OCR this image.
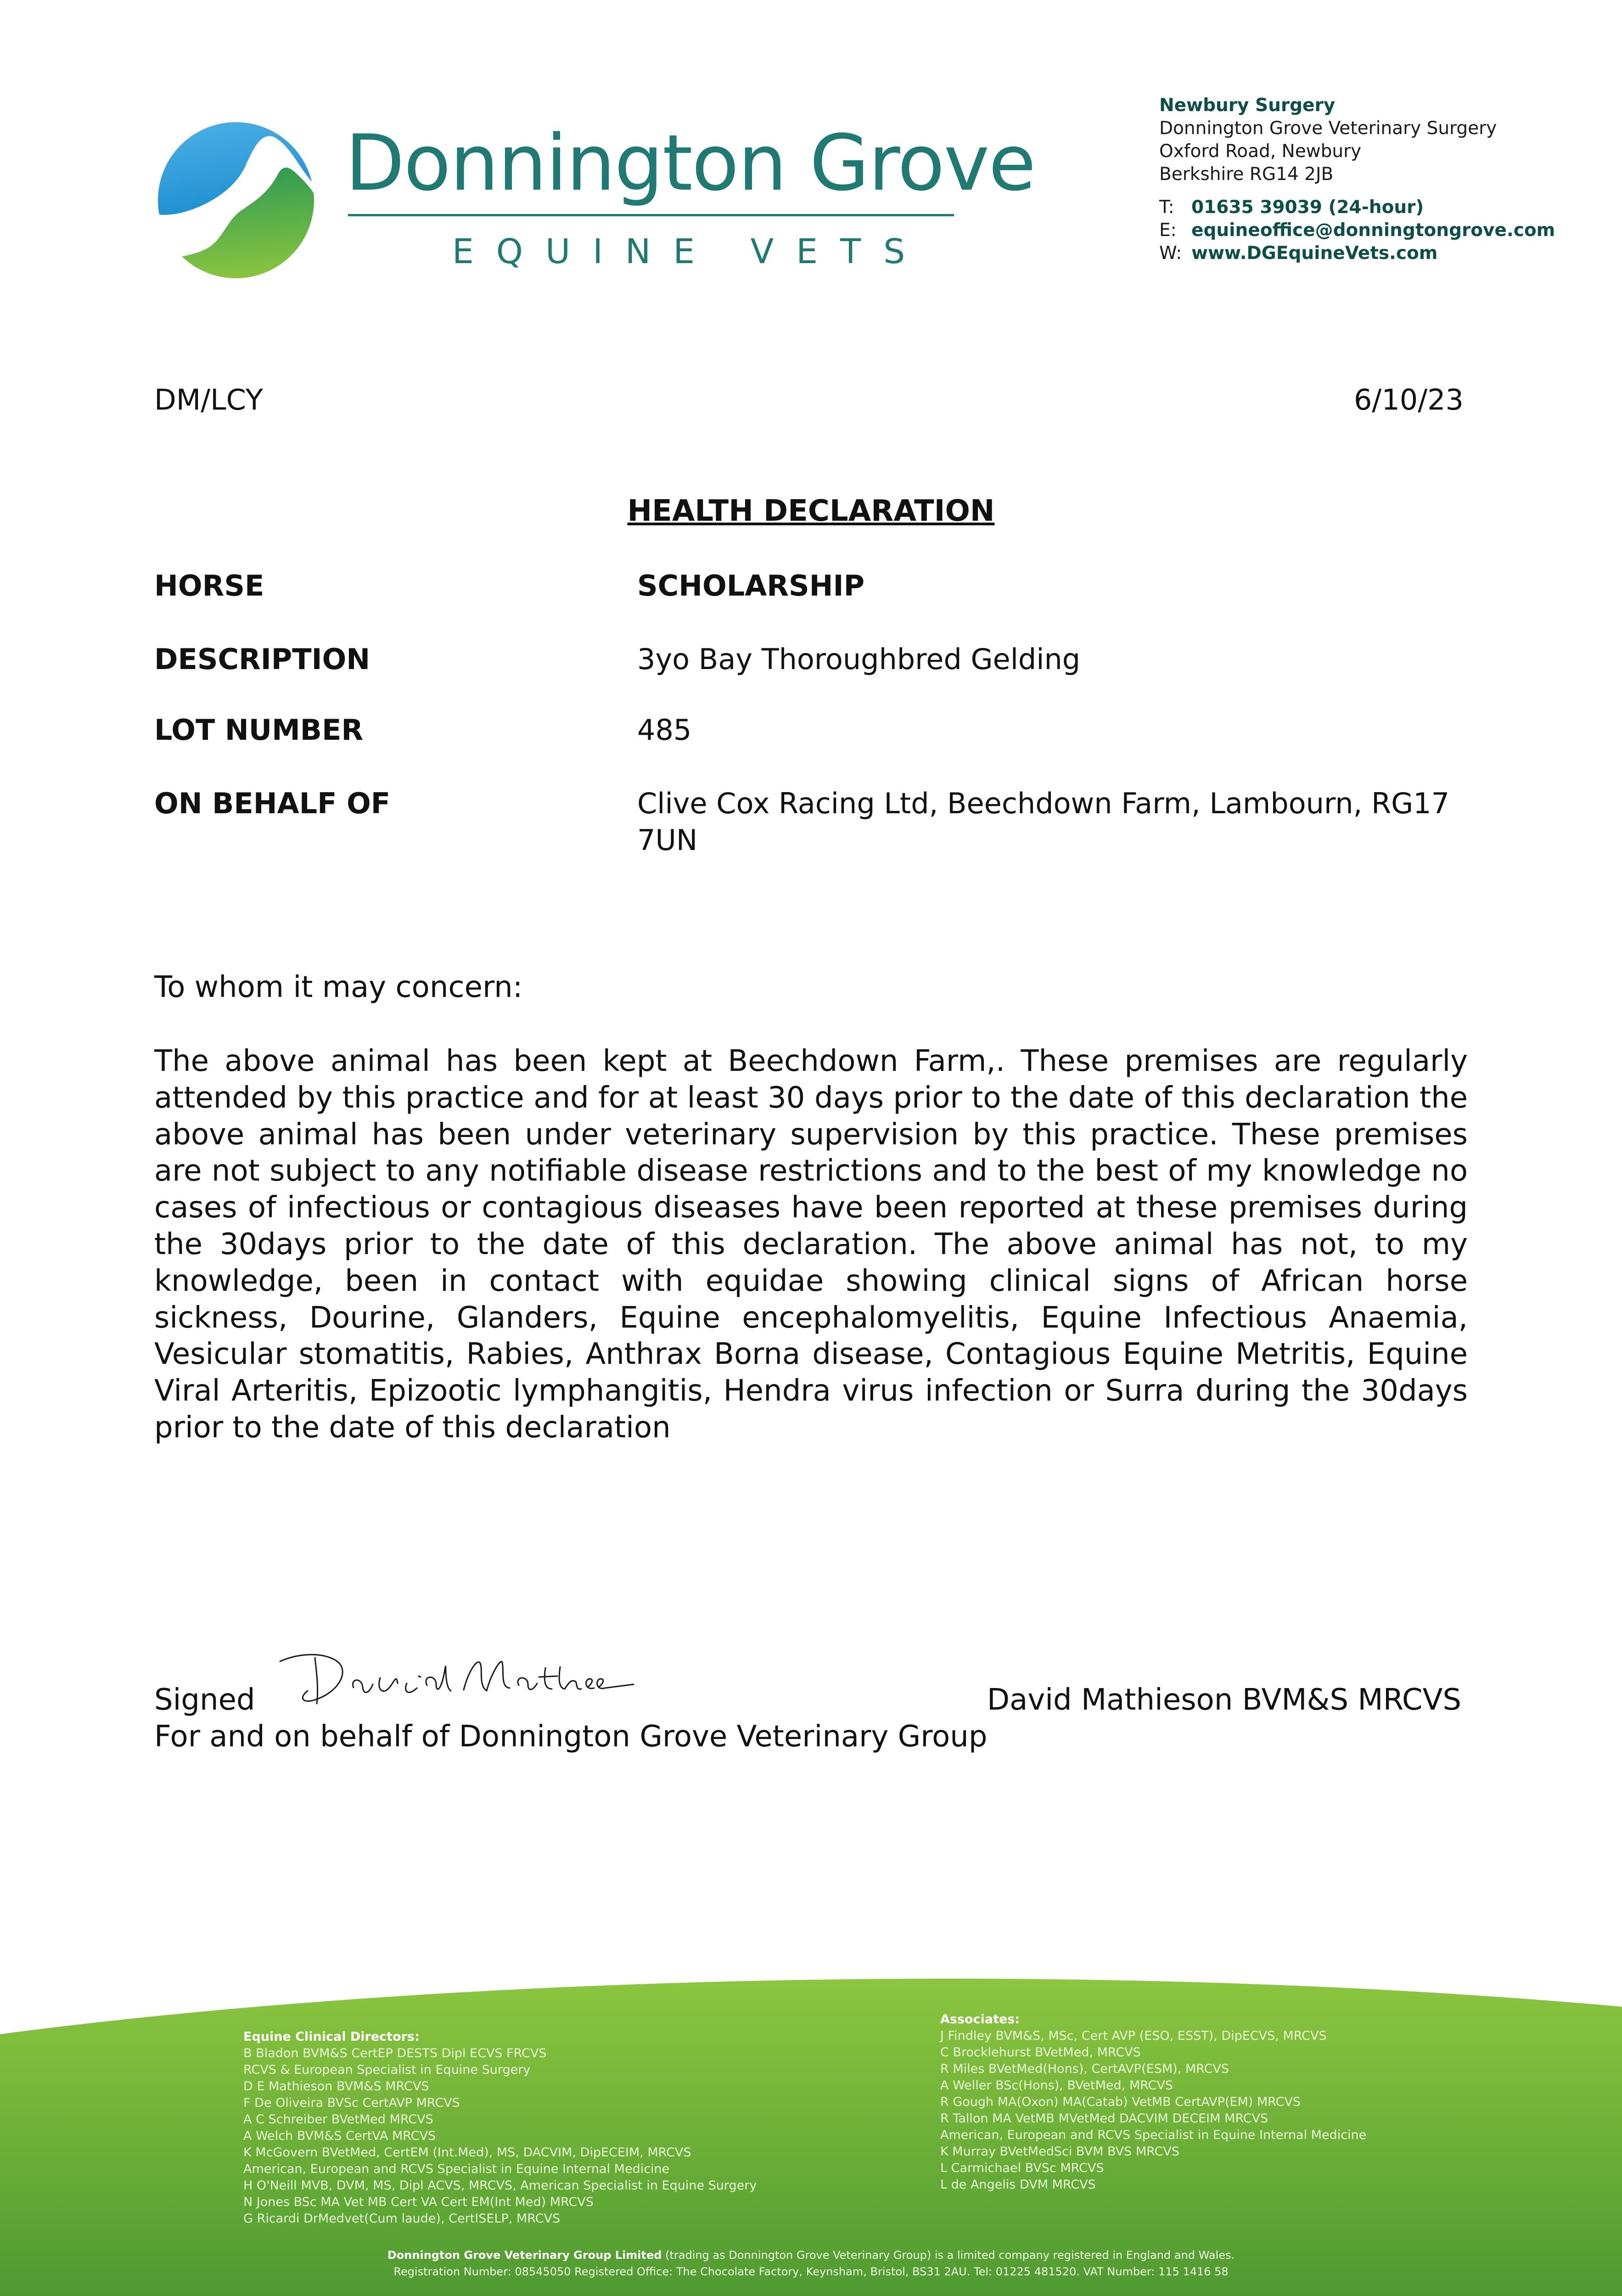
Donnington Grove
EQUINE VETS
Newbury Surgery
Donnington Grove Veterinary Surgery
Oxford Road, Newbury
Berkshire RG14 2JB
T: 01635 39039 (24-hour)
E: equineoffice@donningtongrove.com
W: www.DGEquineVets.com
DM/LCY	6/10/23
HEALTH DECLARATION
HORSE	SCHOLARSHIP
DESCRIPTION	3yo Bay Thoroughbred Gelding
LOT NUMBER	485
ON BEHALF OF	Clive Cox Racing Ltd, Beechdown Farm, Lambourn, RG17 7UN
To whom it may concern:
The above animal has been kept at Beechdown Farm,. These premises are regularly attended by this practice and for at least 30 days prior to the date of this declaration the above animal has been under veterinary supervision by this practice. These premises are not subject to any notifiable disease restrictions and to the best of my knowledge no cases of infectious or contagious diseases have been reported at these premises during the 30days prior to the date of this declaration. The above animal has not, to my knowledge, been in contact with equidae showing clinical signs of African horse sickness, Dourine, Glanders, Equine encephalomyelitis, Equine Infectious Anaemia, Vesicular stomatitis, Rabies, Anthrax Borna disease, Contagious Equine Metritis, Equine Viral Arteritis, Epizootic lymphangitis, Hendra virus infection or Surra during the 30days prior to the date of this declaration
Signed	David Mathieson BVM&S MRCVS
For and on behalf of Donnington Grove Veterinary Group
Equine Clinical Directors:
B Bladon BVM&S CertEP DESTS Dipl ECVS FRCVS
RCVS & European Specialist in Equine Surgery
D E Mathieson BVM&S MRCVS
F De Oliveira BVSc CertAVP MRCVS
A C Schreiber BVetMed MRCVS
A Welch BVM&S CertVA MRCVS
K McGovern BVetMed, CertEM (Int.Med), MS, DACVIM, DipECEIM, MRCVS
American, European and RCVS Specialist in Equine Internal Medicine
H O'Neill MVB, DVM, MS, Dipl ACVS, MRCVS, American Specialist in Equine Surgery
N Jones BSc MA Vet MB Cert VA Cert EM(Int Med) MRCVS
G Ricardi DrMedvet(Cum laude), CertISELP, MRCVS
Associates:
J Findley BVM&S, MSc, Cert AVP (ESO, ESST), DipECVS, MRCVS
C Brocklehurst BVetMed, MRCVS
R Miles BVetMed(Hons), CertAVP(ESM), MRCVS
A Weller BSc(Hons), BVetMed, MRCVS
R Gough MA(Oxon) MA(Catab) VetMB CertAVP(EM) MRCVS
R Tallon MA VetMB MVetMed DACVIM DECEIM MRCVS
American, European and RCVS Specialist in Equine Internal Medicine
K Murray BVetMedSci BVM BVS MRCVS
L Carmichael BVSc MRCVS
L de Angelis DVM MRCVS
Donnington Grove Veterinary Group Limited (trading as Donnington Grove Veterinary Group) is a limited company registered in England and Wales.
Registration Number: 08545050 Registered Office: The Chocolate Factory, Keynsham, Bristol, BS31 2AU. Tel: 01225 481520. VAT Number: 115 1416 58
